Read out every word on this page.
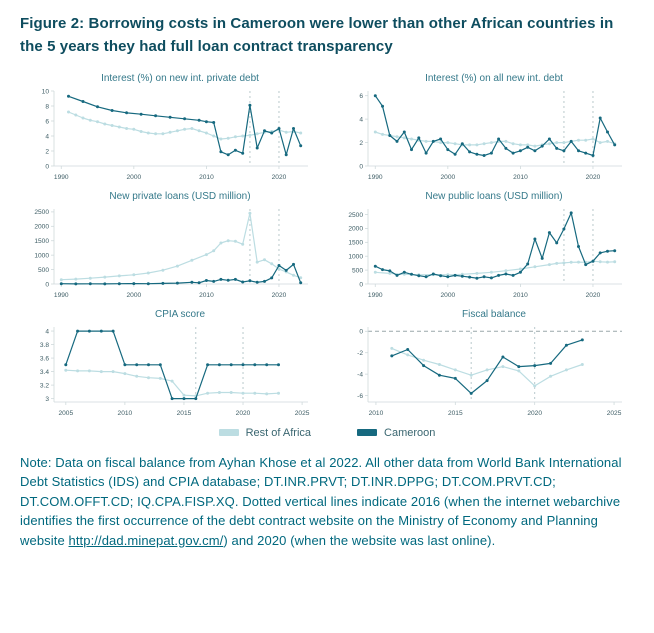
Figure 2: Borrowing costs in Cameroon were lower than other African countries in the 5 years they had full loan contract transparency
Interest (%) on new int. private debt
0
2
4
6
8
10
1990	2000	2010	2020
Interest (%) on all new int. debt
0
2
4
6
1990	2000	2010	2020
New private loans (USD million)
0
500
1000
1500
2000
2500
1990	2000	2010	2020
New public loans (USD million)
0
500
1000
1500
2000
2500
1990	2000	2010	2020
CPIA score
3
3.2
3.4
3.6
3.8
4
2005	2010	2015	2020	2025
Fiscal balance
0
-2
-4
-6
2010	2015	2020	2025
Rest of Africa	Cameroon
Note: Data on fiscal balance from Ayhan Khose et al 2022. All other data from World Bank International Debt Statistics (IDS) and CPIA database; DT.INR.PRVT; DT.INR.DPPG; DT.COM.PRVT.CD; DT.COM.OFFT.CD; IQ.CPA.FISP.XQ. Dotted vertical lines indicate 2016 (when the internet webarchive identifies the first occurrence of the debt contract website on the Ministry of Economy and Planning website http://dad.minepat.gov.cm/) and 2020 (when the website was last online).
